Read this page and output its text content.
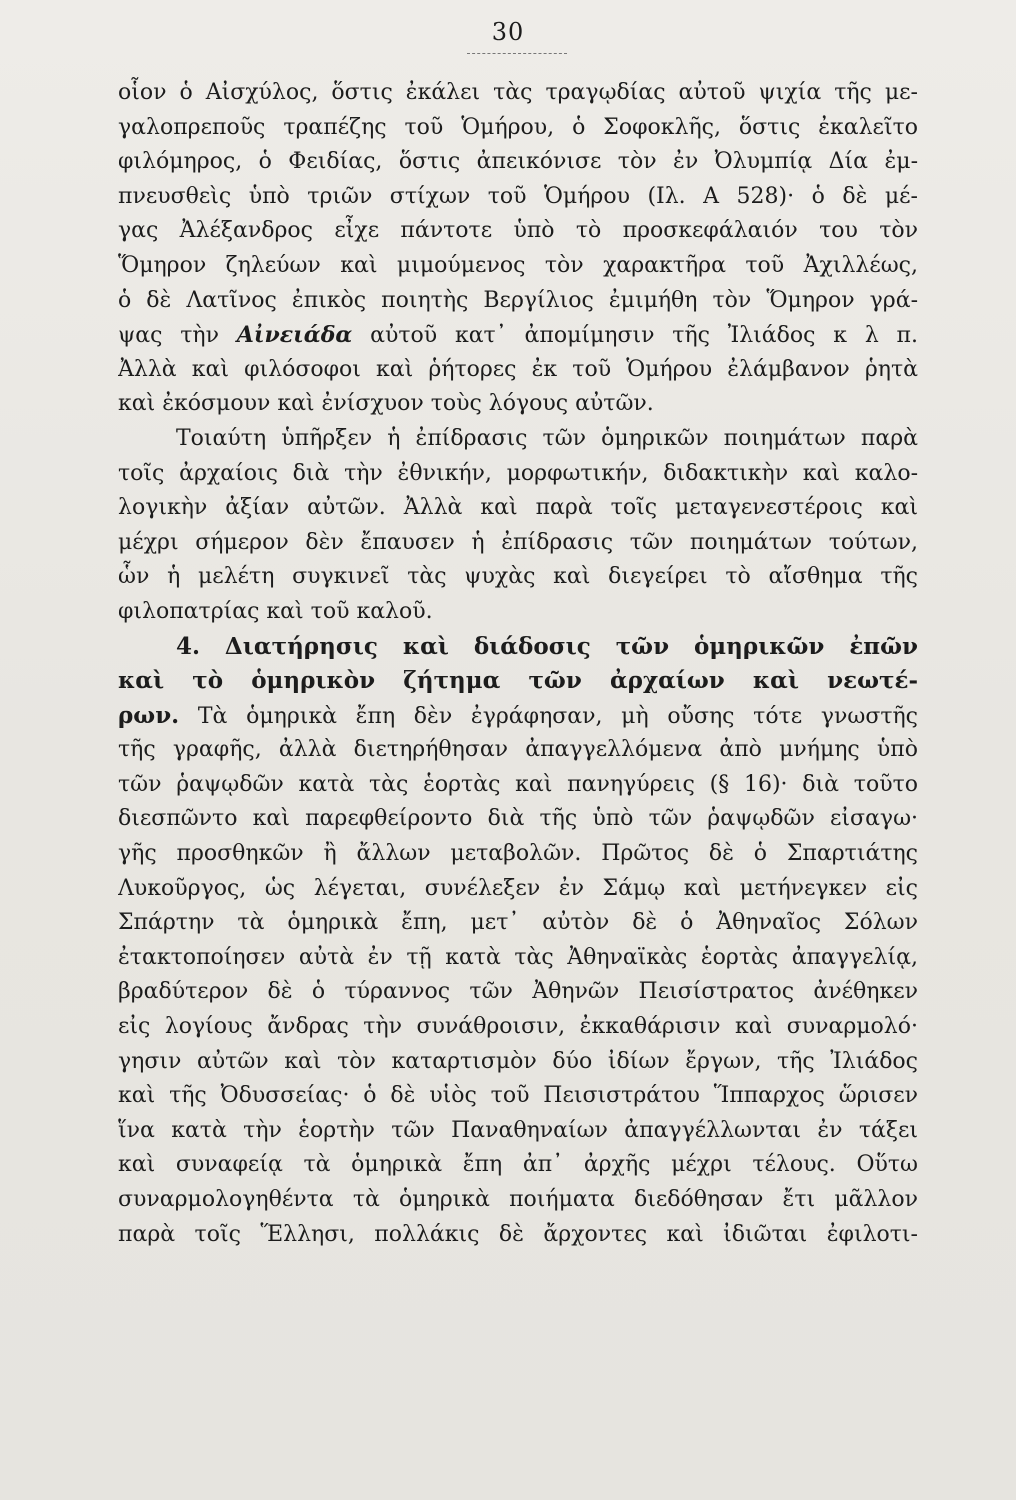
30
οἷον ὁ Αἰσχύλος, ὅστις ἐκάλει τὰς τραγῳδίας αὐτοῦ ψιχία τῆς με-
γαλοπρεποῦς τραπέζης τοῦ Ὁμήρου, ὁ Σοφοκλῆς, ὅστις ἐκαλεῖτο
φιλόμηρος, ὁ Φειδίας, ὅστις ἀπεικόνισε τὸν ἐν Ὀλυμπίᾳ Δία ἐμ-
πνευσθεὶς ὑπὸ τριῶν στίχων τοῦ Ὁμήρου (Ιλ. Α 528)· ὁ δὲ μέ-
γας Ἀλέξανδρος εἶχε πάντοτε ὑπὸ τὸ προσκεφάλαιόν του τὸν
Ὅμηρον ζηλεύων καὶ μιμούμενος τὸν χαρακτῆρα τοῦ Ἀχιλλέως,
ὁ δὲ Λατῖνος ἐπικὸς ποιητὴς Βεργίλιος ἐμιμήθη τὸν Ὅμηρον γρά-
ψας τὴν Αἰνειάδα αὐτοῦ κατ᾽ ἀπομίμησιν τῆς Ἰλιάδος κ λ π.
Ἀλλὰ καὶ φιλόσοφοι καὶ ῥήτορες ἐκ τοῦ Ὁμήρου ἐλάμβανον ῥητὰ
καὶ ἐκόσμουν καὶ ἐνίσχυον τοὺς λόγους αὐτῶν.
Τοιαύτη ὑπῆρξεν ἡ ἐπίδρασις τῶν ὁμηρικῶν ποιημάτων παρὰ
τοῖς ἀρχαίοις διὰ τὴν ἐθνικήν, μορφωτικήν, διδακτικὴν καὶ καλο-
λογικὴν ἀξίαν αὐτῶν. Ἀλλὰ καὶ παρὰ τοῖς μεταγενεστέροις καὶ
μέχρι σήμερον δὲν ἔπαυσεν ἡ ἐπίδρασις τῶν ποιημάτων τούτων,
ὧν ἡ μελέτη συγκινεῖ τὰς ψυχὰς καὶ διεγείρει τὸ αἴσθημα τῆς
φιλοπατρίας καὶ τοῦ καλοῦ.
4. Διατήρησις καὶ διάδοσις τῶν ὁμηρικῶν ἐπῶν
καὶ τὸ ὁμηρικὸν ζήτημα τῶν ἀρχαίων καὶ νεωτέ-
ρων. Τὰ ὁμηρικὰ ἔπη δὲν ἐγράφησαν, μὴ οὔσης τότε γνωστῆς
τῆς γραφῆς, ἀλλὰ διετηρήθησαν ἀπαγγελλόμενα ἀπὸ μνήμης ὑπὸ
τῶν ῥαψῳδῶν κατὰ τὰς ἑορτὰς καὶ πανηγύρεις (§ 16)· διὰ τοῦτο
διεσπῶντο καὶ παρεφθείροντο διὰ τῆς ὑπὸ τῶν ῥαψῳδῶν εἰσαγω·
γῆς προσθηκῶν ἢ ἄλλων μεταβολῶν. Πρῶτος δὲ ὁ Σπαρτιάτης
Λυκοῦργος, ὡς λέγεται, συνέλεξεν ἐν Σάμῳ καὶ μετήνεγκεν εἰς
Σπάρτην τὰ ὁμηρικὰ ἔπη, μετ᾽ αὐτὸν δὲ ὁ Ἀθηναῖος Σόλων
ἐτακτοποίησεν αὐτὰ ἐν τῇ κατὰ τὰς Ἀθηναϊκὰς ἑορτὰς ἀπαγγελίᾳ,
βραδύτερον δὲ ὁ τύραννος τῶν Ἀθηνῶν Πεισίστρατος ἀνέθηκεν
εἰς λογίους ἄνδρας τὴν συνάθροισιν, ἐκκαθάρισιν καὶ συναρμολό·
γησιν αὐτῶν καὶ τὸν καταρτισμὸν δύο ἰδίων ἔργων, τῆς Ἰλιάδος
καὶ τῆς Ὀδυσσείας· ὁ δὲ υἱὸς τοῦ Πεισιστράτου Ἵππαρχος ὥρισεν
ἵνα κατὰ τὴν ἑορτὴν τῶν Παναθηναίων ἀπαγγέλλωνται ἐν τάξει
καὶ συναφείᾳ τὰ ὁμηρικὰ ἔπη ἀπ᾽ ἀρχῆς μέχρι τέλους. Οὕτω
συναρμολογηθέντα τὰ ὁμηρικὰ ποιήματα διεδόθησαν ἔτι μᾶλλον
παρὰ τοῖς Ἕλλησι, πολλάκις δὲ ἄρχοντες καὶ ἰδιῶται ἐφιλοτι-
